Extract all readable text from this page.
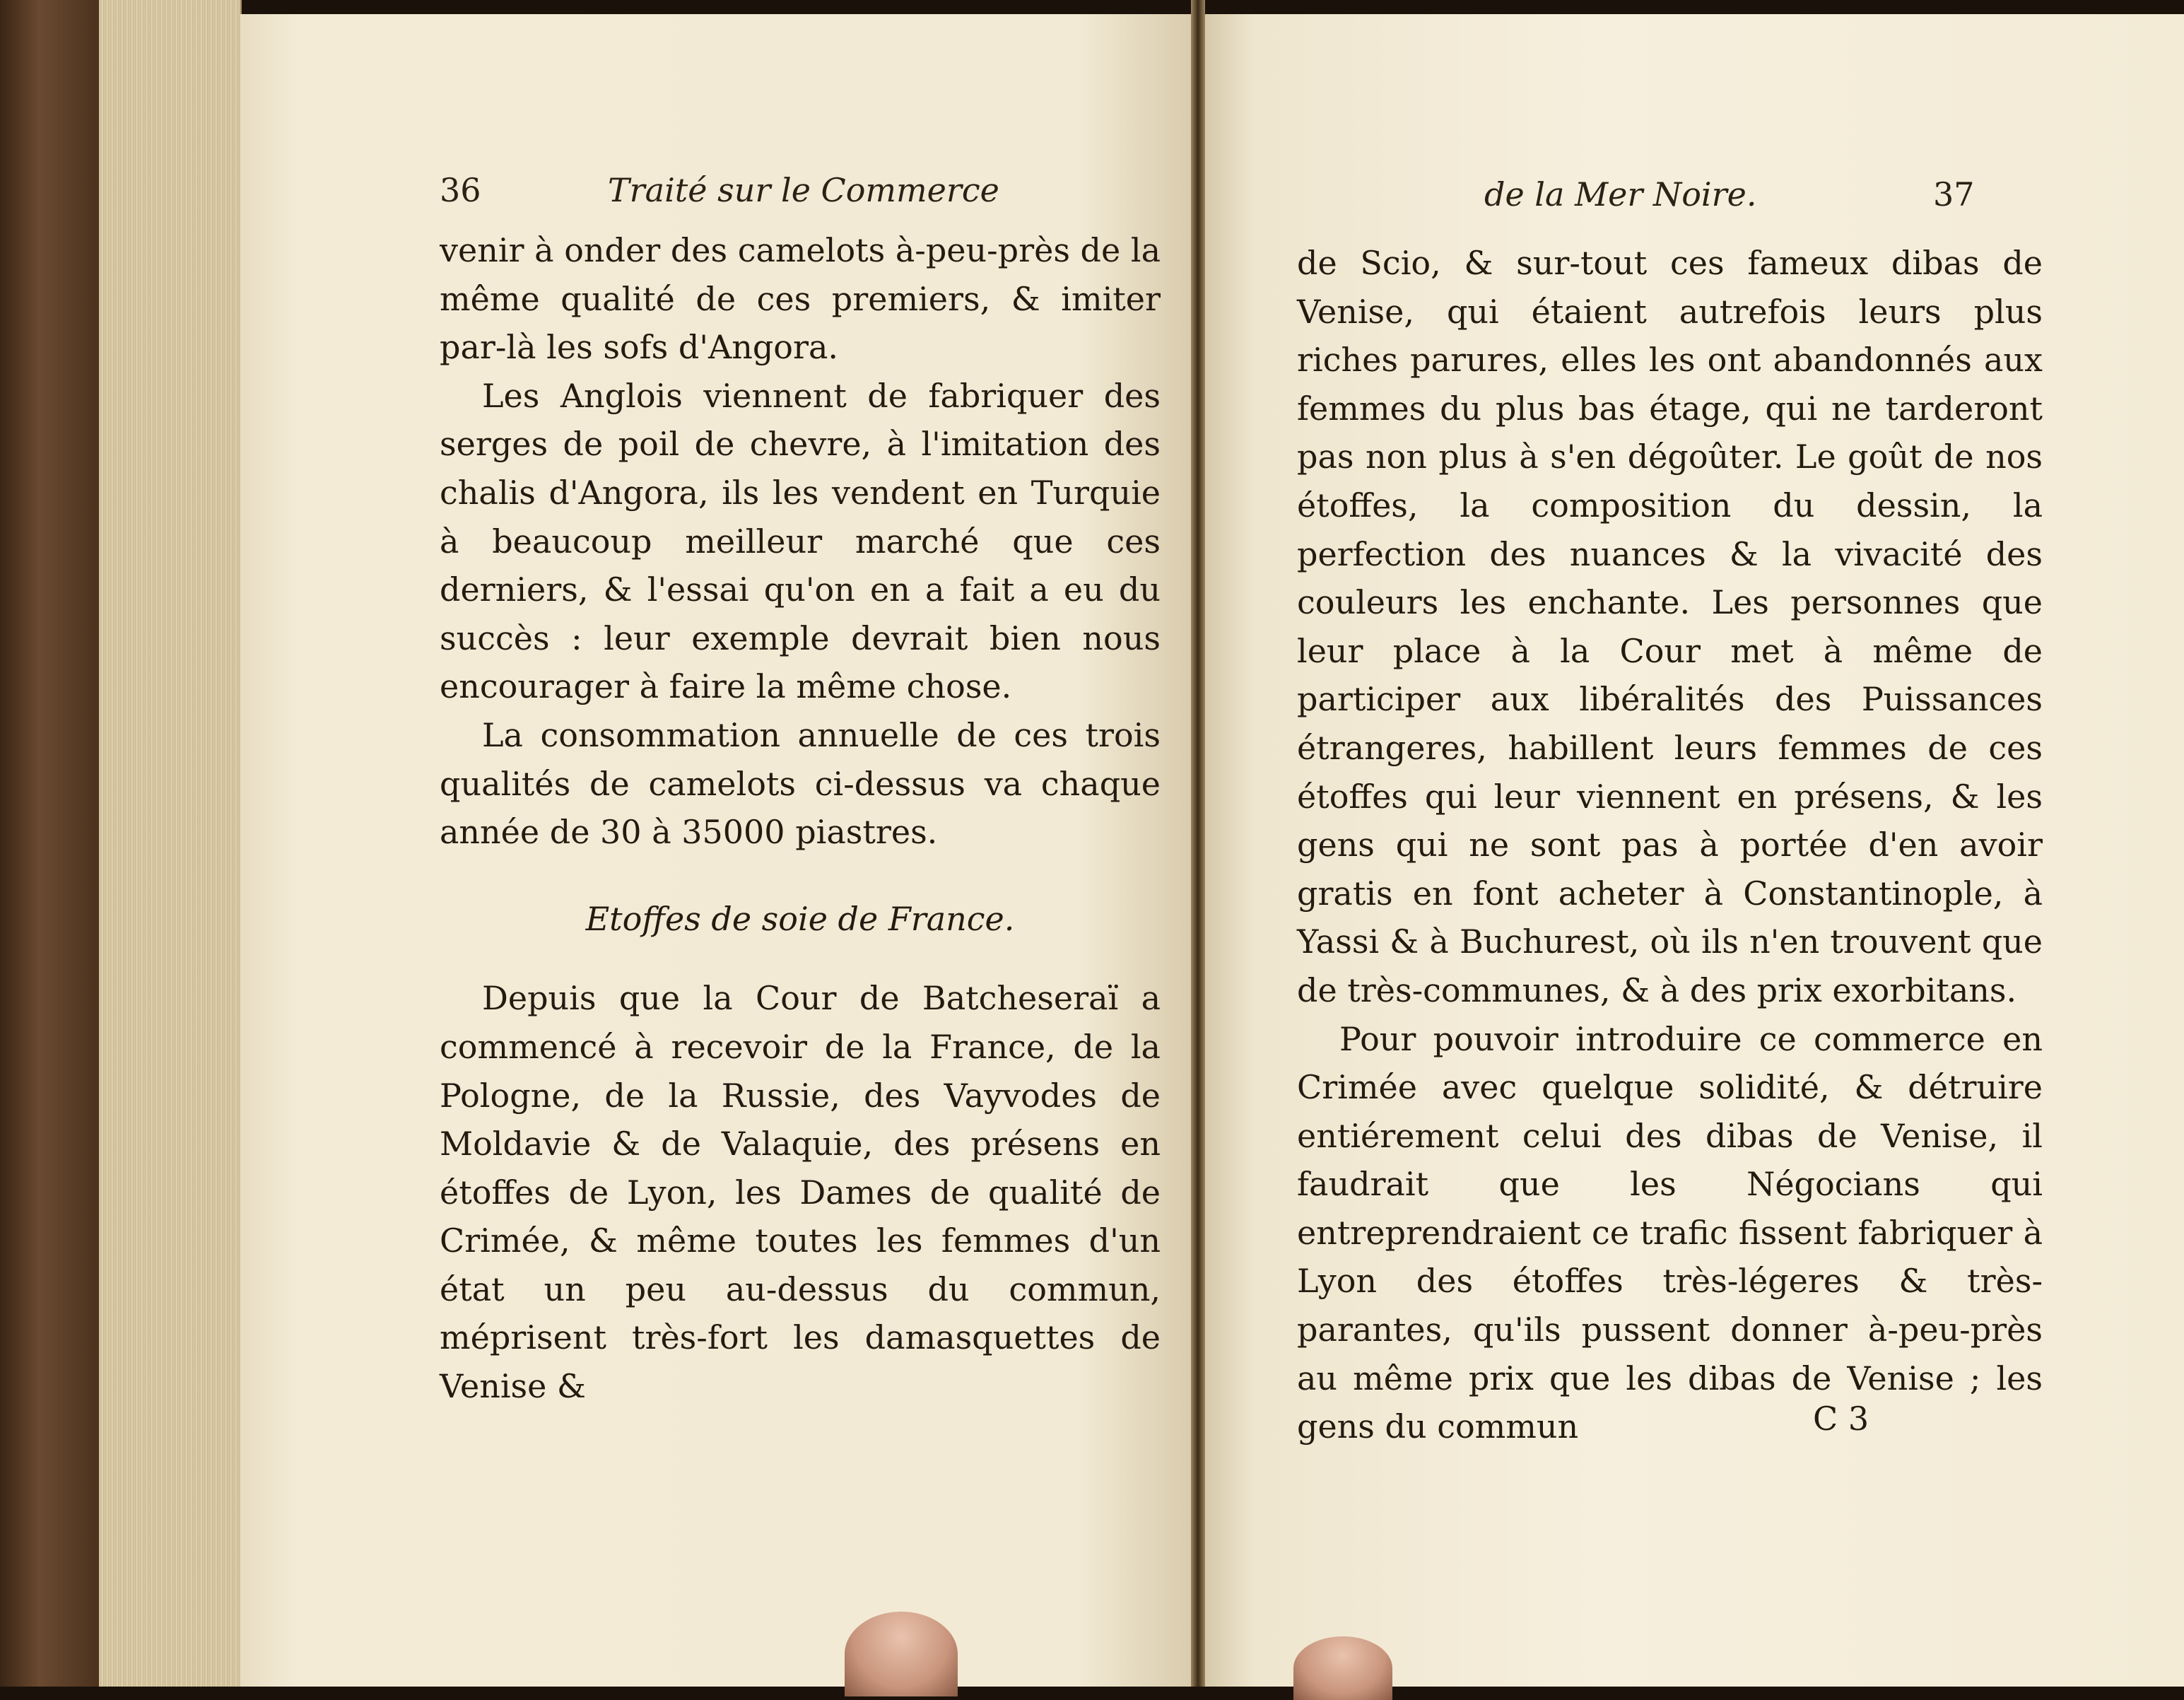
36	Traité sur le Commerce

venir à onder des camelots à-peu-près de la même qualité de ces premiers, & imiter par-là les sofs d'Angora.

Les Anglois viennent de fabriquer des serges de poil de chevre, à l'imitation des chalis d'Angora, ils les vendent en Turquie à beaucoup meilleur marché que ces derniers, & l'essai qu'on en a fait a eu du succès : leur exemple devrait bien nous encourager à faire la même chose.

La consommation annuelle de ces trois qualités de camelots ci-dessus va chaque année de 30 à 35000 piastres.

Etoffes de soie de France.

Depuis que la Cour de Batcheseraï a commencé à recevoir de la France, de la Pologne, de la Russie, des Vayvodes de Moldavie & de Valaquie, des présens en étoffes de Lyon, les Dames de qualité de Crimée, & même toutes les femmes d'un état un peu au-dessus du commun, méprisent très-fort les damasquettes de Venise &

de la Mer Noire.	37

de Scio, & sur-tout ces fameux dibas de Venise, qui étaient autrefois leurs plus riches parures, elles les ont abandonnés aux femmes du plus bas étage, qui ne tarderont pas non plus à s'en dégoûter. Le goût de nos étoffes, la composition du dessin, la perfection des nuances & la vivacité des couleurs les enchante. Les personnes que leur place à la Cour met à même de participer aux libéralités des Puissances étrangeres, habillent leurs femmes de ces étoffes qui leur viennent en présens, & les gens qui ne sont pas à portée d'en avoir gratis en font acheter à Constantinople, à Yassi & à Buchurest, où ils n'en trouvent que de très-communes, & à des prix exorbitans.

Pour pouvoir introduire ce commerce en Crimée avec quelque solidité, & détruire entiérement celui des dibas de Venise, il faudrait que les Négocians qui entreprendraient ce trafic fissent fabriquer à Lyon des étoffes très-légeres & très-parantes, qu'ils pussent donner à-peu-près au même prix que les dibas de Venise ; les gens du commun	C 3
